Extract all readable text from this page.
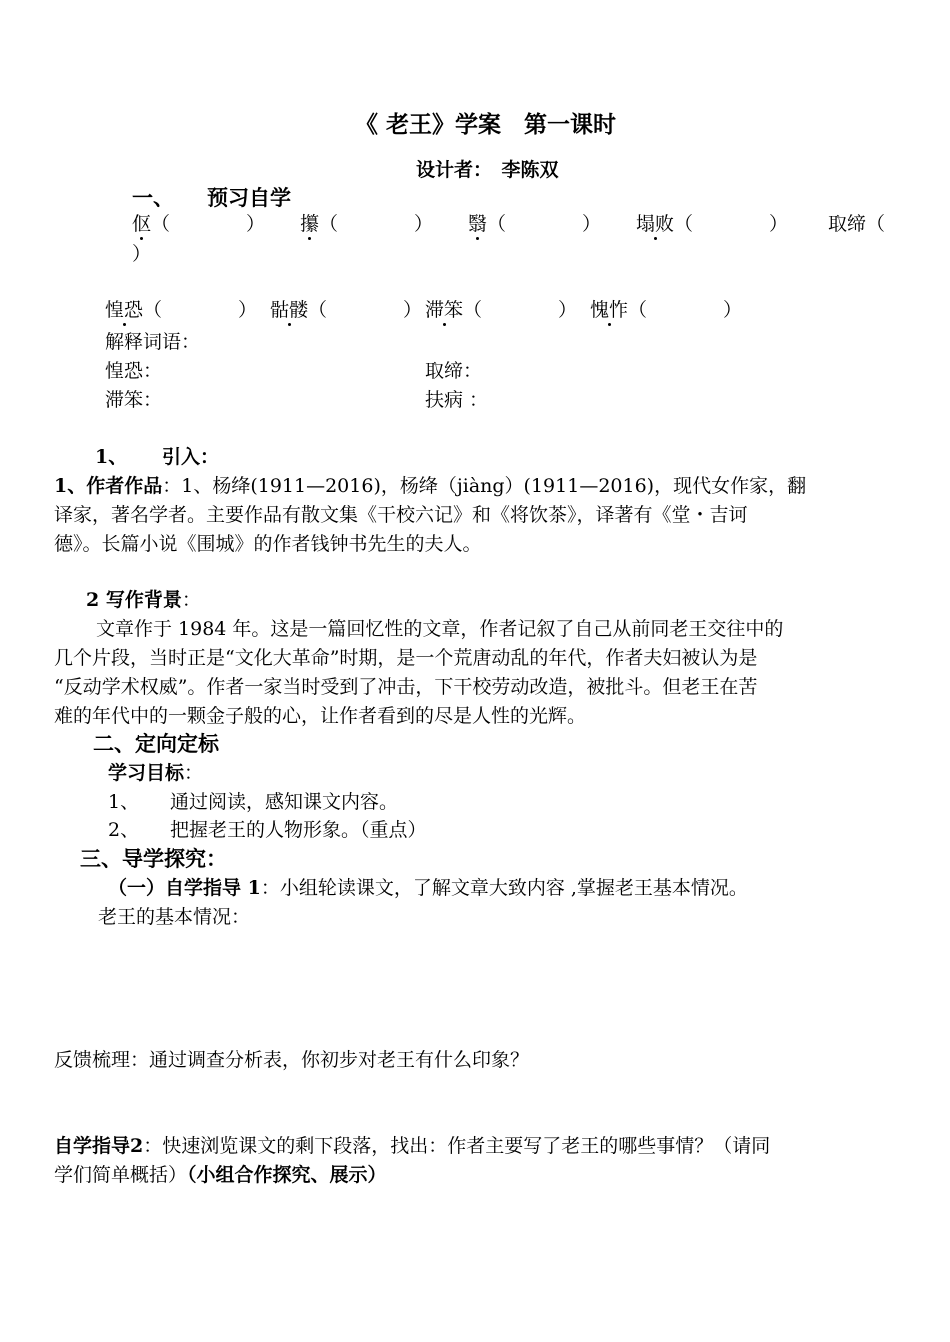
《 老王》学案　第一课时
设计者：　李陈双
一、 预习自学
伛（　　　　） 攥（　　　　） 翳（　　　　） 塌败（　　　　） 取缔（
）
惶恐（　　　　） 骷髅（　　　　） 滞笨（　　　　） 愧怍（　　　　）
解释词语：
惶恐：	取缔：
滞笨：	扶病 ：
1、 引入：
1、作者作品：1、杨绛(1911—2016)，杨绛（jiàng）(1911—2016)，现代女作家，翻
译家，著名学者。主要作品有散文集《干校六记》和《将饮茶》，译著有《堂・吉诃
德》。长篇小说《围城》的作者钱钟书先生的夫人。
2 写作背景：
文章作于 1984 年。这是一篇回忆性的文章，作者记叙了自己从前同老王交往中的
几个片段，当时正是“文化大革命”时期，是一个荒唐动乱的年代，作者夫妇被认为是
“反动学术权威”。作者一家当时受到了冲击，下干校劳动改造，被批斗。但老王在苦
难的年代中的一颗金子般的心，让作者看到的尽是人性的光辉。
二、定向定标
学习目标：
1、 通过阅读，感知课文内容。
2、 把握老王的人物形象。（重点）
三、导学探究：
（一）自学指导 1：小组轮读课文，了解文章大致内容 ,掌握老王基本情况。
老王的基本情况：
反馈梳理：通过调查分析表，你初步对老王有什么印象？
自学指导2：快速浏览课文的剩下段落，找出：作者主要写了老王的哪些事情？（请同
学们简单概括）（小组合作探究、展示）
